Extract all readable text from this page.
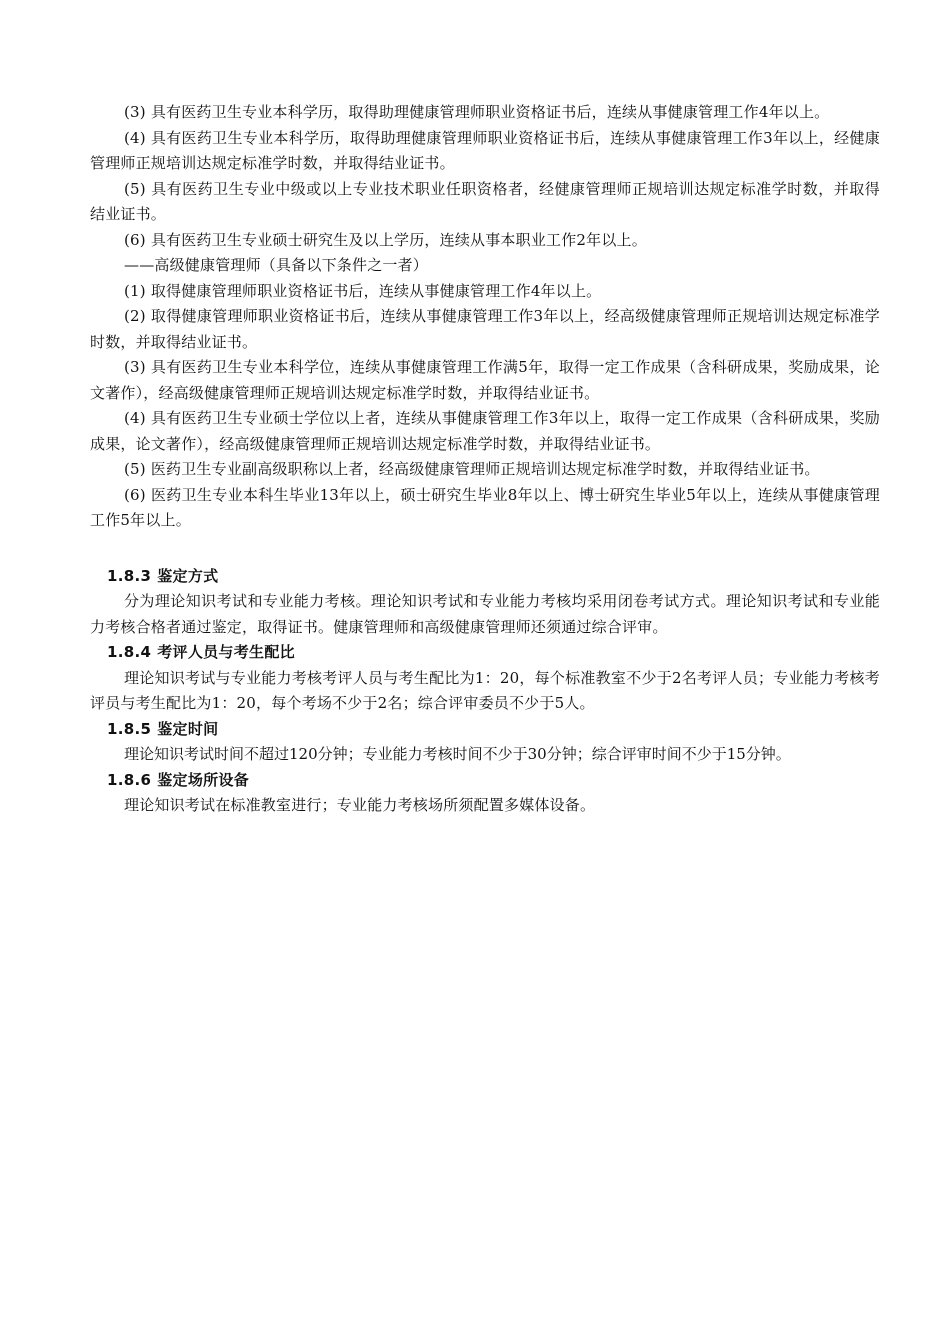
(3) 具有医药卫生专业本科学历，取得助理健康管理师职业资格证书后，连续从事健康管理工作4年以上。

(4) 具有医药卫生专业本科学历，取得助理健康管理师职业资格证书后，连续从事健康管理工作3年以上，经健康管理师正规培训达规定标准学时数，并取得结业证书。

(5) 具有医药卫生专业中级或以上专业技术职业任职资格者，经健康管理师正规培训达规定标准学时数，并取得结业证书。

(6) 具有医药卫生专业硕士研究生及以上学历，连续从事本职业工作2年以上。

——高级健康管理师（具备以下条件之一者）

(1) 取得健康管理师职业资格证书后，连续从事健康管理工作4年以上。

(2) 取得健康管理师职业资格证书后，连续从事健康管理工作3年以上，经高级健康管理师正规培训达规定标准学时数，并取得结业证书。

(3) 具有医药卫生专业本科学位，连续从事健康管理工作满5年，取得一定工作成果（含科研成果，奖励成果，论文著作），经高级健康管理师正规培训达规定标准学时数，并取得结业证书。

(4) 具有医药卫生专业硕士学位以上者，连续从事健康管理工作3年以上，取得一定工作成果（含科研成果，奖励成果，论文著作），经高级健康管理师正规培训达规定标准学时数，并取得结业证书。

(5) 医药卫生专业副高级职称以上者，经高级健康管理师正规培训达规定标准学时数，并取得结业证书。

(6) 医药卫生专业本科生毕业13年以上，硕士研究生毕业8年以上、博士研究生毕业5年以上，连续从事健康管理工作5年以上。

1.8.3 鉴定方式

分为理论知识考试和专业能力考核。理论知识考试和专业能力考核均采用闭卷考试方式。理论知识考试和专业能力考核合格者通过鉴定，取得证书。健康管理师和高级健康管理师还须通过综合评审。

1.8.4 考评人员与考生配比

理论知识考试与专业能力考核考评人员与考生配比为1：20，每个标准教室不少于2名考评人员；专业能力考核考评员与考生配比为1：20，每个考场不少于2名；综合评审委员不少于5人。

1.8.5 鉴定时间

理论知识考试时间不超过120分钟；专业能力考核时间不少于30分钟；综合评审时间不少于15分钟。

1.8.6 鉴定场所设备

理论知识考试在标准教室进行；专业能力考核场所须配置多媒体设备。
